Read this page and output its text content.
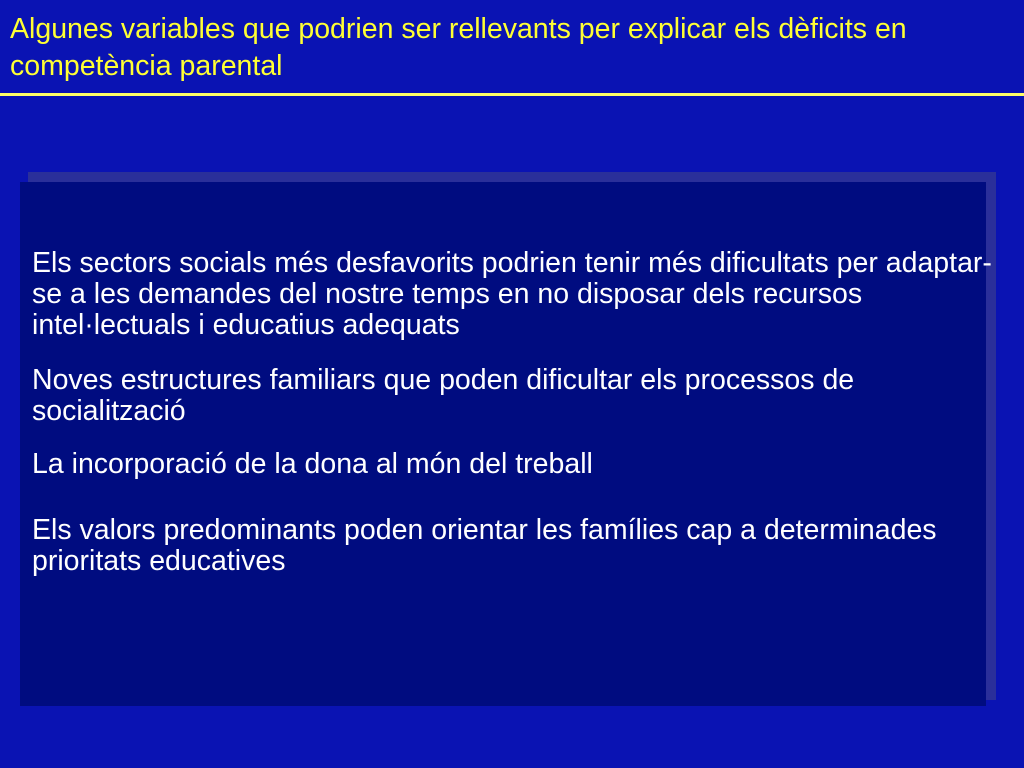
Algunes variables que podrien ser rellevants per explicar els dèficits en competència parental
Els sectors socials més desfavorits podrien tenir més dificultats per adaptar-se a les demandes del nostre temps en no disposar dels recursos intel·lectuals i educatius adequats
Noves estructures familiars que poden dificultar els processos de socialització
La incorporació de la dona al món del treball
Els valors predominants poden orientar les famílies cap a determinades prioritats educatives
